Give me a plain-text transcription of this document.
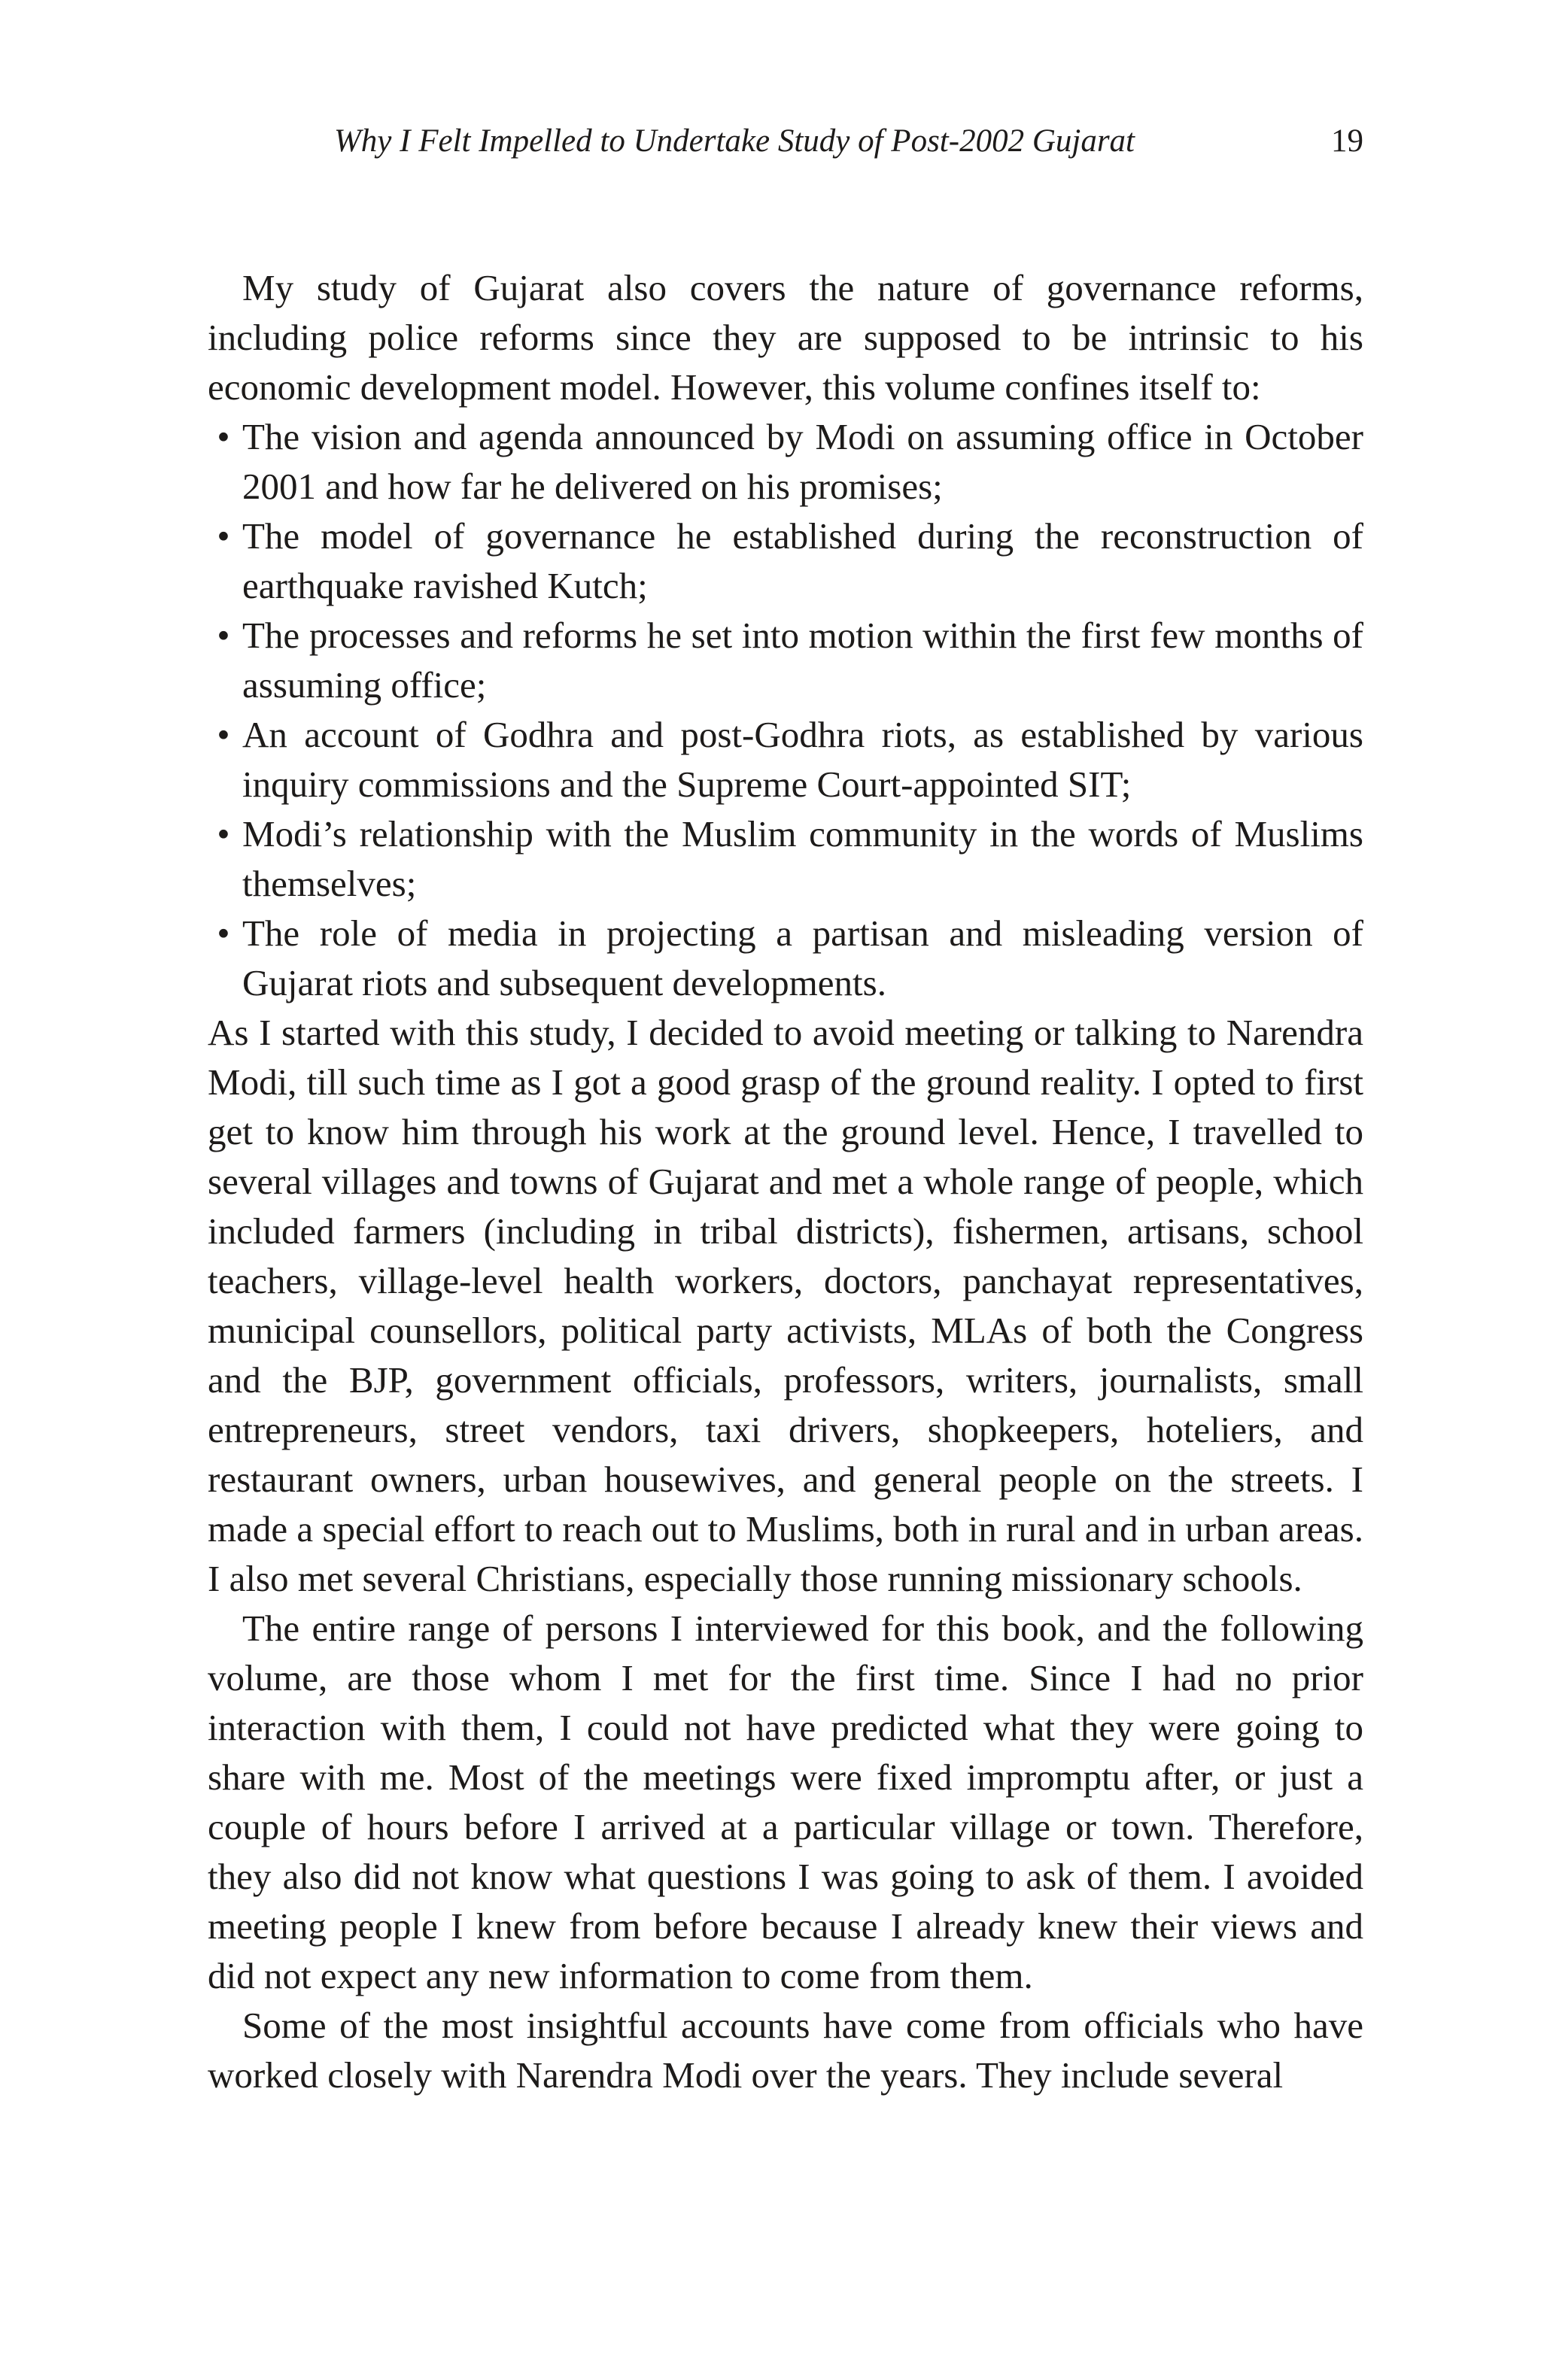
Why I Felt Impelled to Undertake Study of Post-2002 Gujarat	19

My study of Gujarat also covers the nature of governance reforms, including police reforms since they are supposed to be intrinsic to his economic development model. However, this volume confines itself to:

• The vision and agenda announced by Modi on assuming office in October 2001 and how far he delivered on his promises;
• The model of governance he established during the reconstruction of earthquake ravished Kutch;
• The processes and reforms he set into motion within the first few months of assuming office;
• An account of Godhra and post-Godhra riots, as established by various inquiry commissions and the Supreme Court-appointed SIT;
• Modi’s relationship with the Muslim community in the words of Muslims themselves;
• The role of media in projecting a partisan and misleading version of Gujarat riots and subsequent developments.

As I started with this study, I decided to avoid meeting or talking to Narendra Modi, till such time as I got a good grasp of the ground reality. I opted to first get to know him through his work at the ground level. Hence, I travelled to several villages and towns of Gujarat and met a whole range of people, which included farmers (including in tribal districts), fishermen, artisans, school teachers, village-level health workers, doctors, panchayat representatives, municipal counsellors, political party activists, MLAs of both the Congress and the BJP, government officials, professors, writers, journalists, small entrepreneurs, street vendors, taxi drivers, shopkeepers, hoteliers, and restaurant owners, urban housewives, and general people on the streets. I made a special effort to reach out to Muslims, both in rural and in urban areas. I also met several Christians, especially those running missionary schools.

The entire range of persons I interviewed for this book, and the following volume, are those whom I met for the first time. Since I had no prior interaction with them, I could not have predicted what they were going to share with me. Most of the meetings were fixed impromptu after, or just a couple of hours before I arrived at a particular village or town. Therefore, they also did not know what questions I was going to ask of them. I avoided meeting people I knew from before because I already knew their views and did not expect any new information to come from them.

Some of the most insightful accounts have come from officials who have worked closely with Narendra Modi over the years. They include several
